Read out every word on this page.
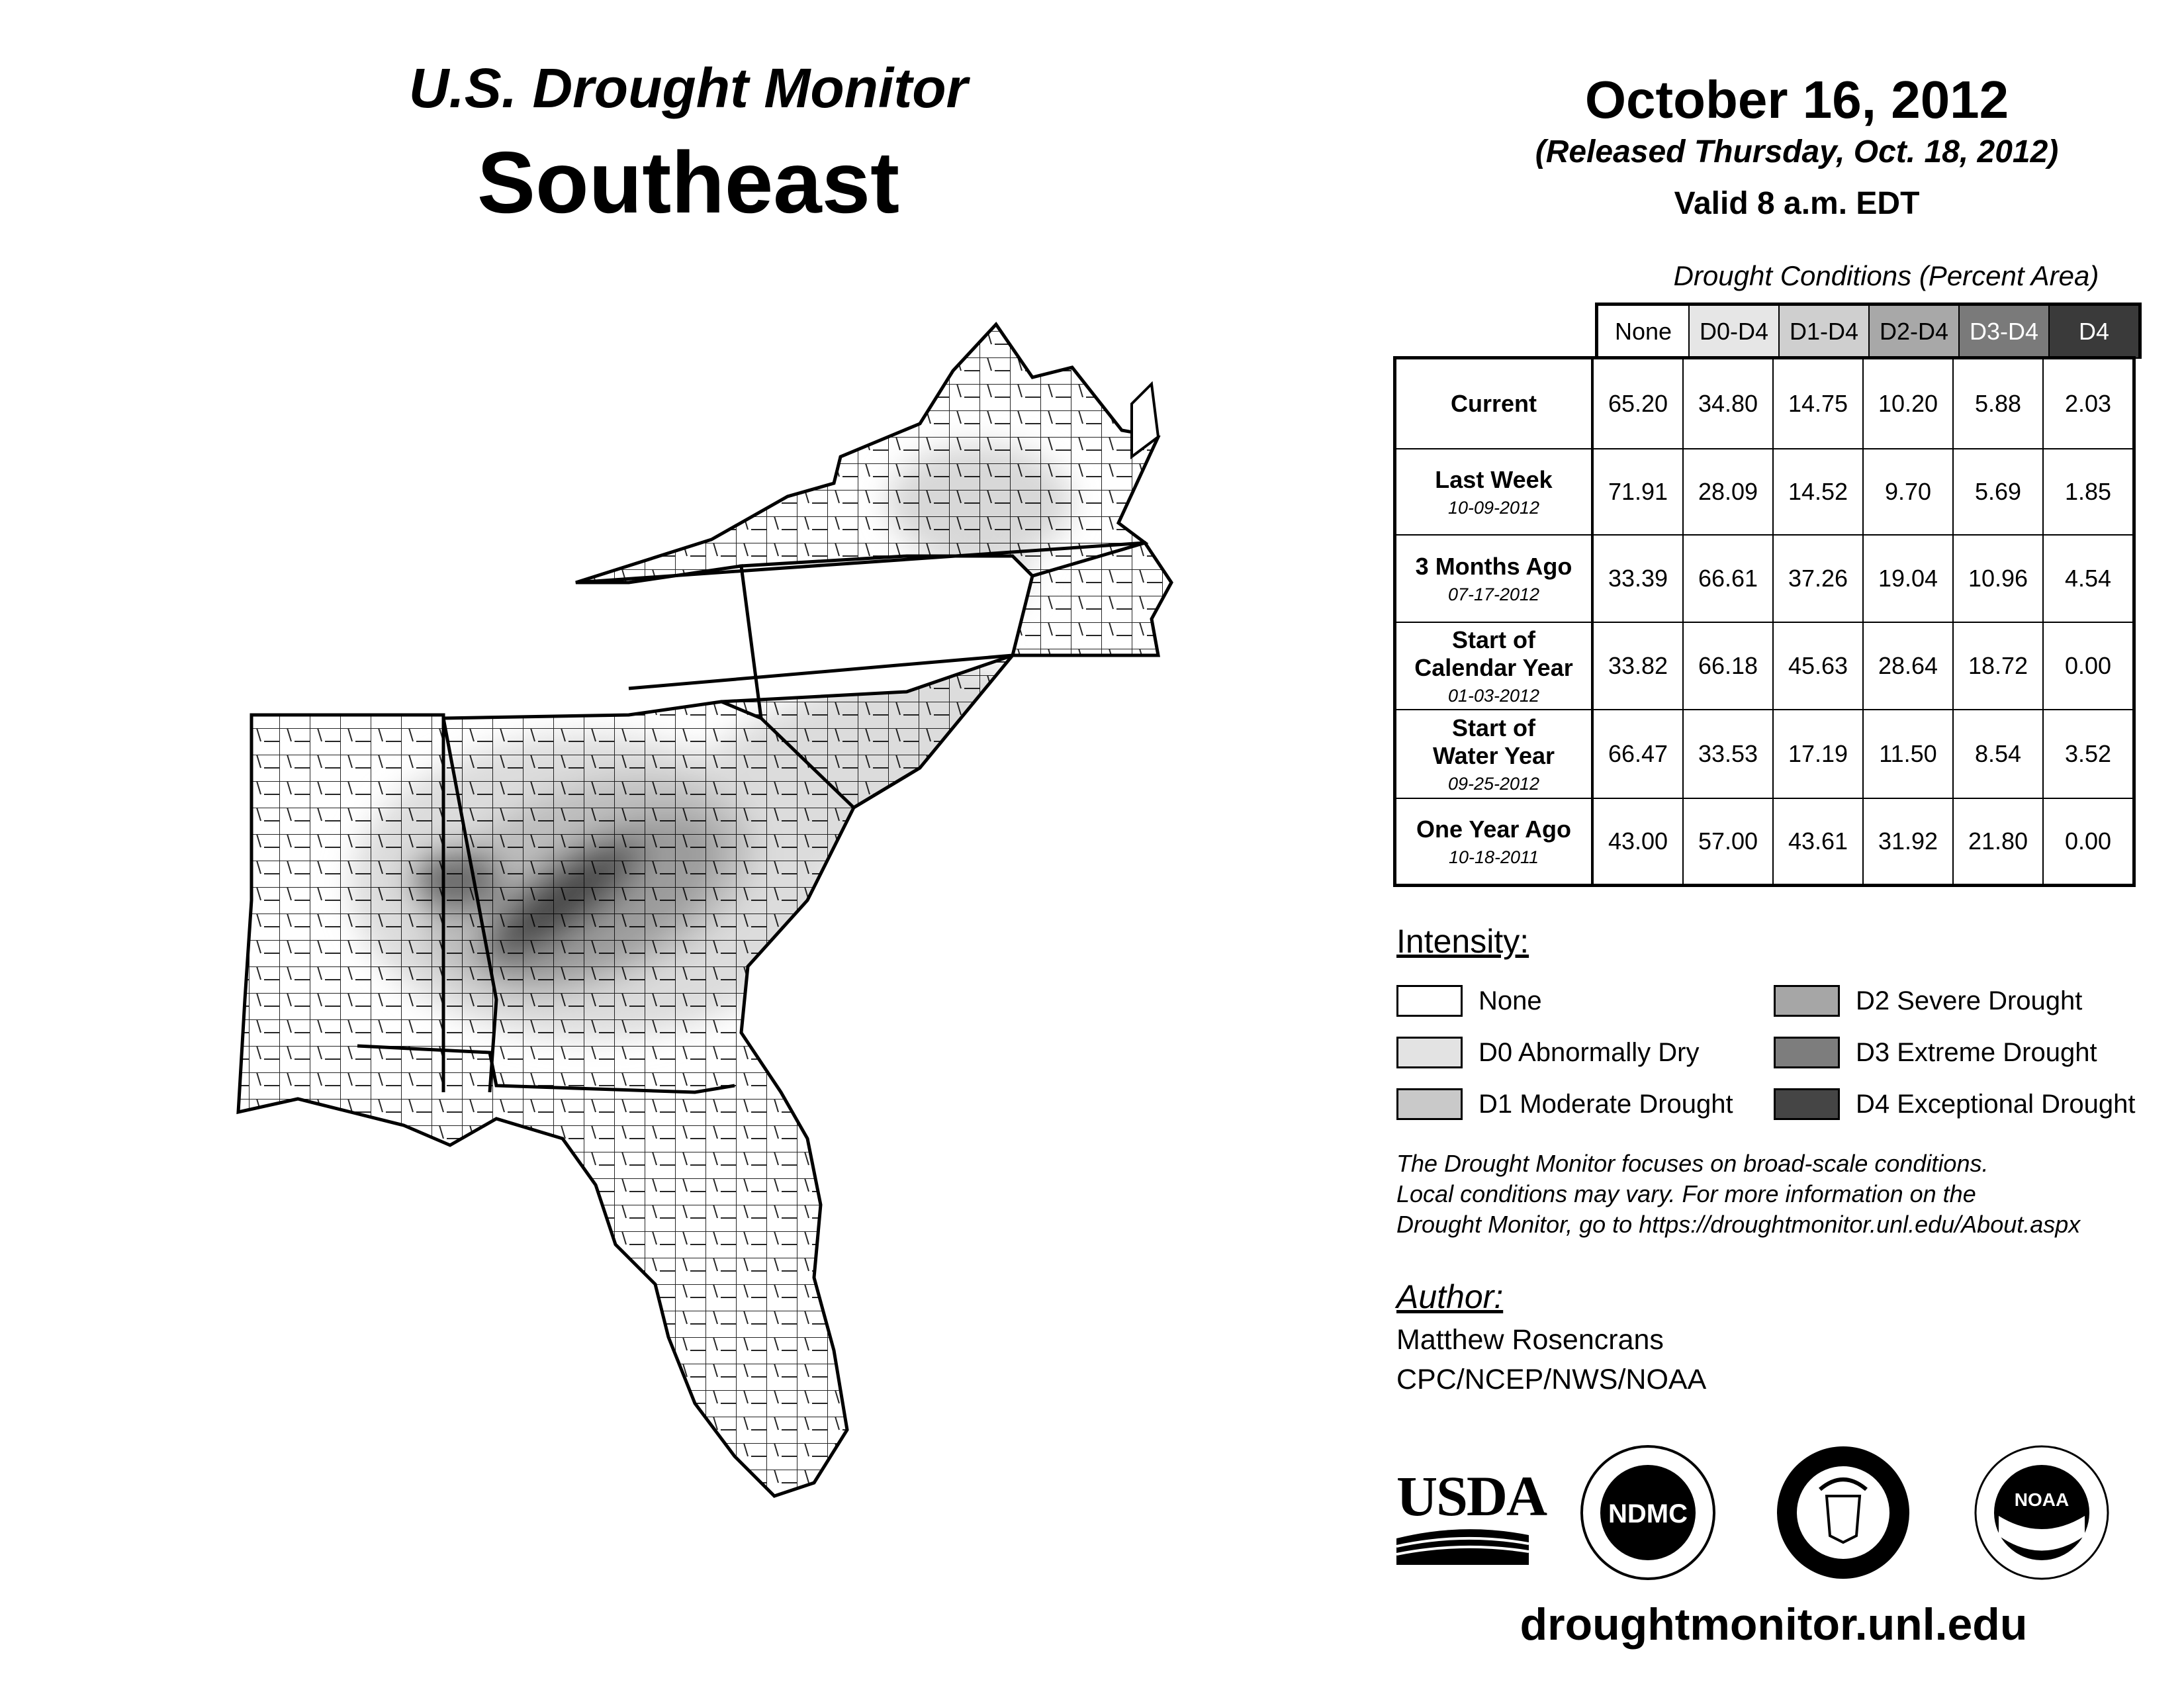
U.S. Drought Monitor
Southeast
October 16, 2012
(Released Thursday, Oct. 18, 2012)
Valid 8 a.m. EDT
Drought Conditions (Percent Area)
None	D0-D4 D1-D4 D2-D4 D3-D4	D4
Current	65.20	34.80	14.75	10.20	5.88	2.03
Last Week
10-09-2012
71.91	28.09	14.52	9.70	5.69	1.85
3 Months Ago
07-17-2012
33.39	66.61	37.26	19.04	10.96	4.54
Start of
Calendar Year
01-03-2012
33.82	66.18	45.63	28.64	18.72	0.00
Start of
Water Year
09-25-2012
66.47	33.53	17.19	11.50	8.54	3.52
One Year Ago
10-18-2011
43.00	57.00	43.61	31.92	21.80	0.00
Intensity:
None
D0 Abnormally Dry
D1 Moderate Drought
D2 Severe Drought
D3 Extreme Drought
D4 Exceptional Drought
The Drought Monitor focuses on broad-scale conditions.
Local conditions may vary. For more information on the
Drought Monitor, go to https://droughtmonitor.unl.edu/About.aspx
Author:
Matthew Rosencrans
CPC/NCEP/NWS/NOAA
USDA NDMC	NOAA
droughtmonitor.unl.edu
